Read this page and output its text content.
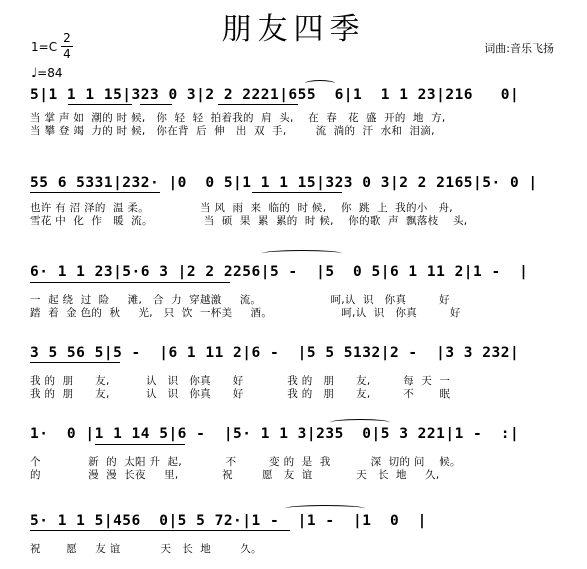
朋友四季
1=C
2
4
♩=84
词曲:音乐飞扬
5|1 1 1 15|323 0 3|2 2 2221|655  6|1  1 1 23|216   0|
当 掌 声 如  潮的 时 候,   你  轻  轻  拍着我的  肩  头,    在  春   花  盛  开的  地  方,
当 攀 登 竭  力的 时 候,   你在背  后  伸   出  双  手,        流  淌的  汗  水和  泪滴,
55 6 5331|232· |0  0 5|1 1 1 15|323 0 3|2 2 2165|5· 0 |
也许 有 沼 泽的  温 柔。              当 风  雨  来  临的  时 候,    你  跳  上  我的小   舟,
雪花 中  化  作   暖  流。              当  硕  果  累  累的  时 候,    你的歌  声  飘落枝    头,
6· 1 1 23|5·6 3 |2 2 2256|5 -  |5  0 5|6 1 11 2|1 -  |
一  起 绕  过  险     滩,   合  力  穿越激     流。                   呵,认  识   你真         好
踏  着  金 色的  秋     光,   只  饮  一杯美     酒。                   呵,认  识   你真         好
3 5 56 5|5 -  |6 1 11 2|6 -  |5 5 5132|2 -  |3 3 232|
我 的  朋      友,          认   识   你真      好            我 的   朋      友,         每  天  一
我 的  朋      友,          认   识   你真      好            我 的   朋      友,         不       眠
1·  0 |1 1 14 5|6 -  |5· 1 1 3|235  0|5 3 221|1 -  :|
个             新  的  太阳 升  起,            不         变 的  是  我           深  切的 问    候。
的             漫  漫  长夜     里,            祝        愿   友  谊            天   长  地     久,
5· 1 1 5|456  0|5 5 72·|1 -  |1 -  |1  0  |
祝       愿     友 谊           天   长  地        久。
